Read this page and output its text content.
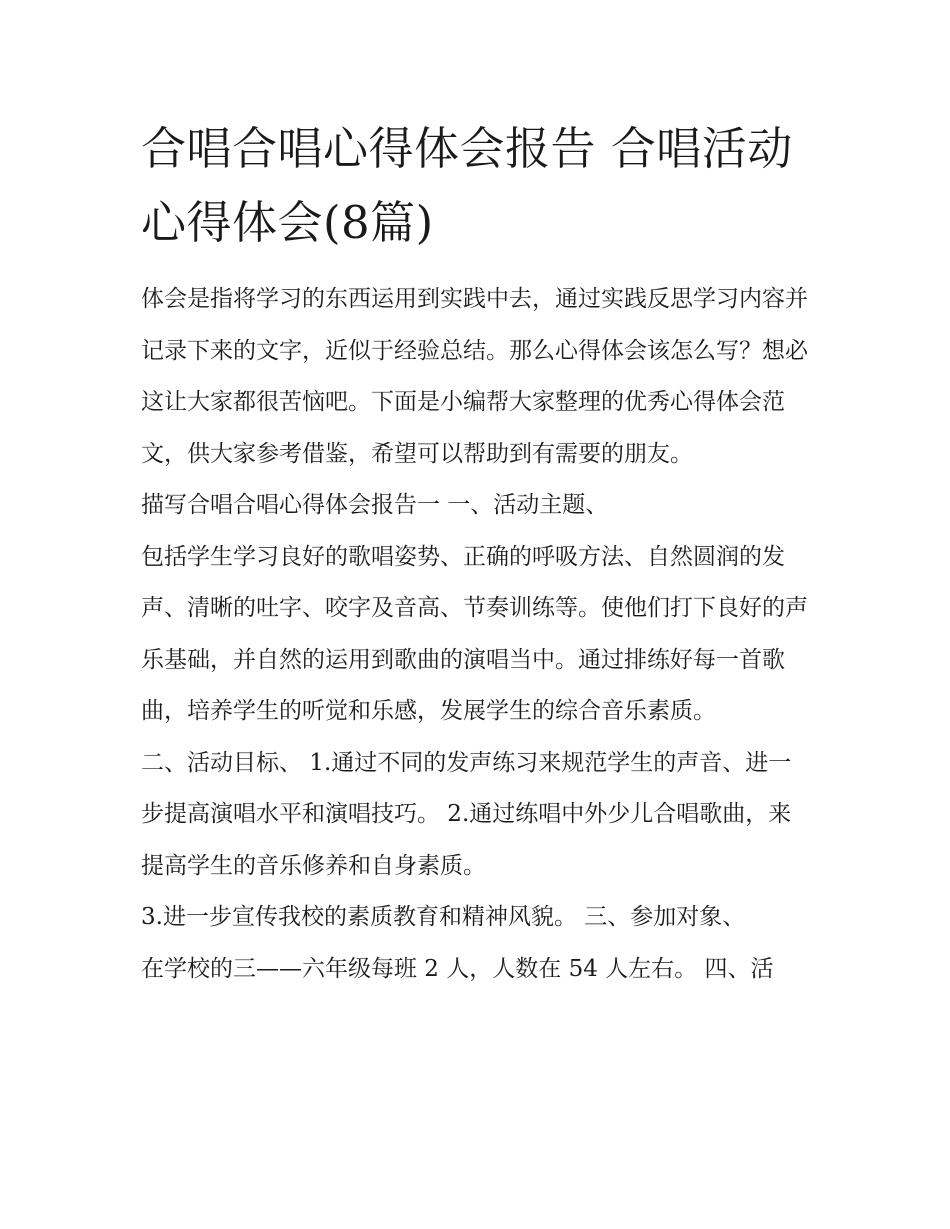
合唱合唱心得体会报告 合唱活动心得体会(8篇)

体会是指将学习的东西运用到实践中去，通过实践反思学习内容并记录下来的文字，近似于经验总结。那么心得体会该怎么写？想必这让大家都很苦恼吧。下面是小编帮大家整理的优秀心得体会范文，供大家参考借鉴，希望可以帮助到有需要的朋友。

描写合唱合唱心得体会报告一 一、活动主题、

包括学生学习良好的歌唱姿势、正确的呼吸方法、自然圆润的发声、清晰的吐字、咬字及音高、节奏训练等。使他们打下良好的声乐基础，并自然的运用到歌曲的演唱当中。通过排练好每一首歌曲，培养学生的听觉和乐感，发展学生的综合音乐素质。

二、活动目标、 1.通过不同的发声练习来规范学生的声音、进一步提高演唱水平和演唱技巧。 2.通过练唱中外少儿合唱歌曲，来提高学生的音乐修养和自身素质。

3.进一步宣传我校的素质教育和精神风貌。 三、参加对象、

在学校的三——六年级每班 2 人，人数在 54 人左右。 四、活
